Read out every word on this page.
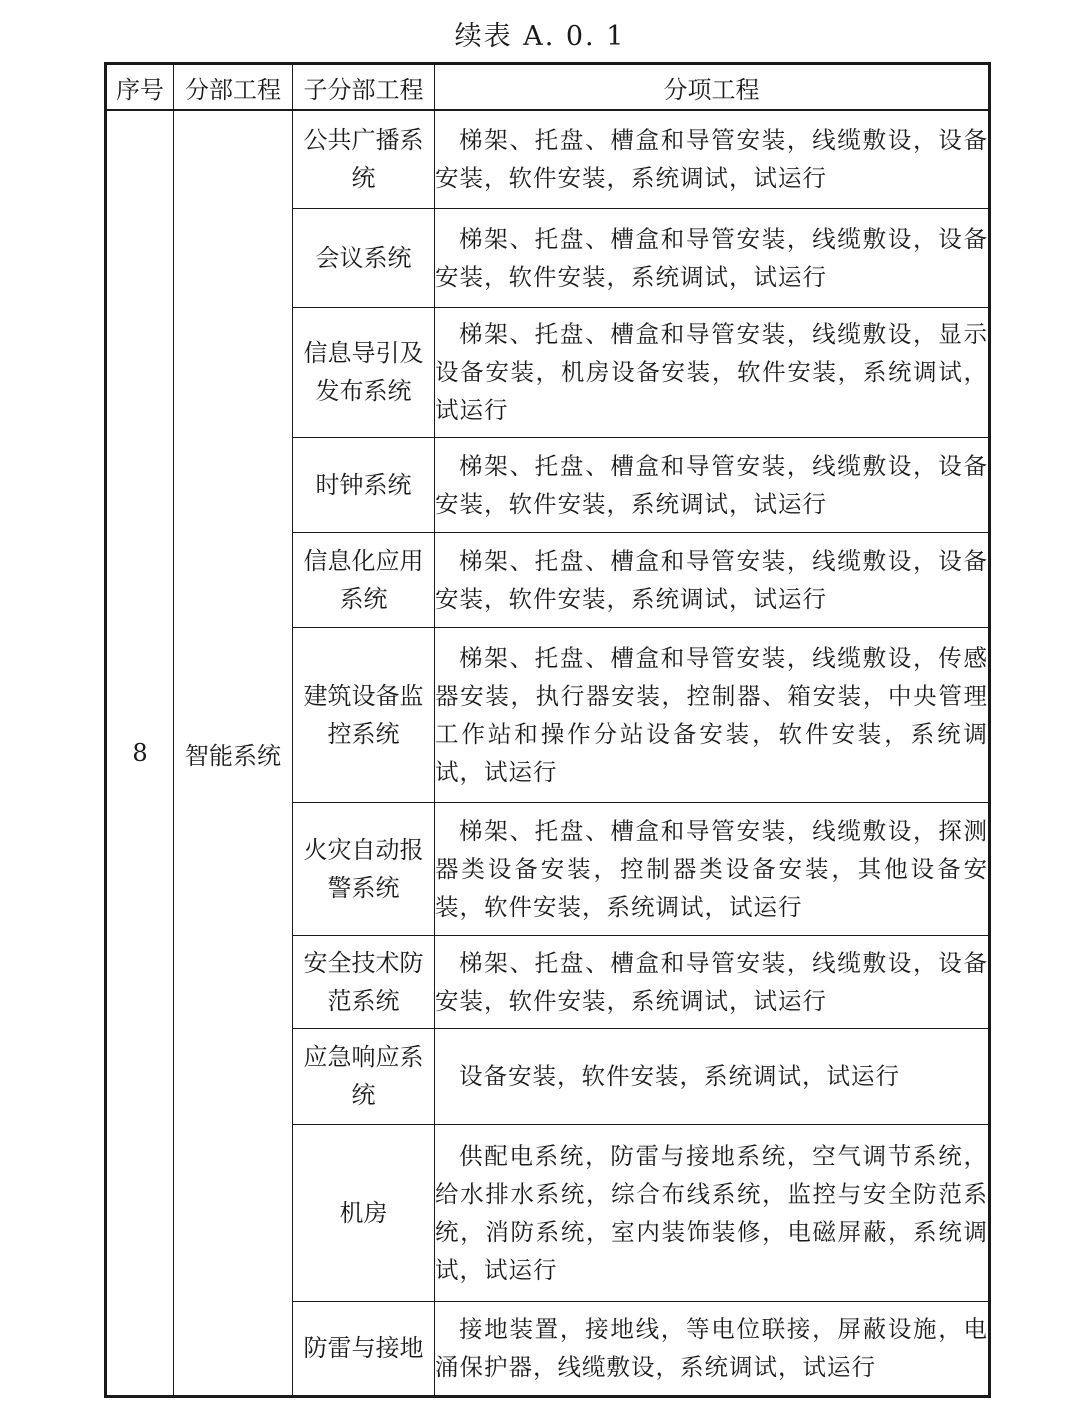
续表 A. 0. 1
序号	分部工程	子分部工程	分项工程
8	智能系统	公共广播系统	梯架、托盘、槽盒和导管安装，线缆敷设，设备安装，软件安装，系统调试，试运行
		会议系统	梯架、托盘、槽盒和导管安装，线缆敷设，设备安装，软件安装，系统调试，试运行
		信息导引及发布系统	梯架、托盘、槽盒和导管安装，线缆敷设，显示设备安装，机房设备安装，软件安装，系统调试，试运行
		时钟系统	梯架、托盘、槽盒和导管安装，线缆敷设，设备安装，软件安装，系统调试，试运行
		信息化应用系统	梯架、托盘、槽盒和导管安装，线缆敷设，设备安装，软件安装，系统调试，试运行
		建筑设备监控系统	梯架、托盘、槽盒和导管安装，线缆敷设，传感器安装，执行器安装，控制器、箱安装，中央管理工作站和操作分站设备安装，软件安装，系统调试，试运行
		火灾自动报警系统	梯架、托盘、槽盒和导管安装，线缆敷设，探测器类设备安装，控制器类设备安装，其他设备安装，软件安装，系统调试，试运行
		安全技术防范系统	梯架、托盘、槽盒和导管安装，线缆敷设，设备安装，软件安装，系统调试，试运行
		应急响应系统	设备安装，软件安装，系统调试，试运行
		机房	供配电系统，防雷与接地系统，空气调节系统，给水排水系统，综合布线系统，监控与安全防范系统，消防系统，室内装饰装修，电磁屏蔽，系统调试，试运行
		防雷与接地	接地装置，接地线，等电位联接，屏蔽设施，电涌保护器，线缆敷设，系统调试，试运行
